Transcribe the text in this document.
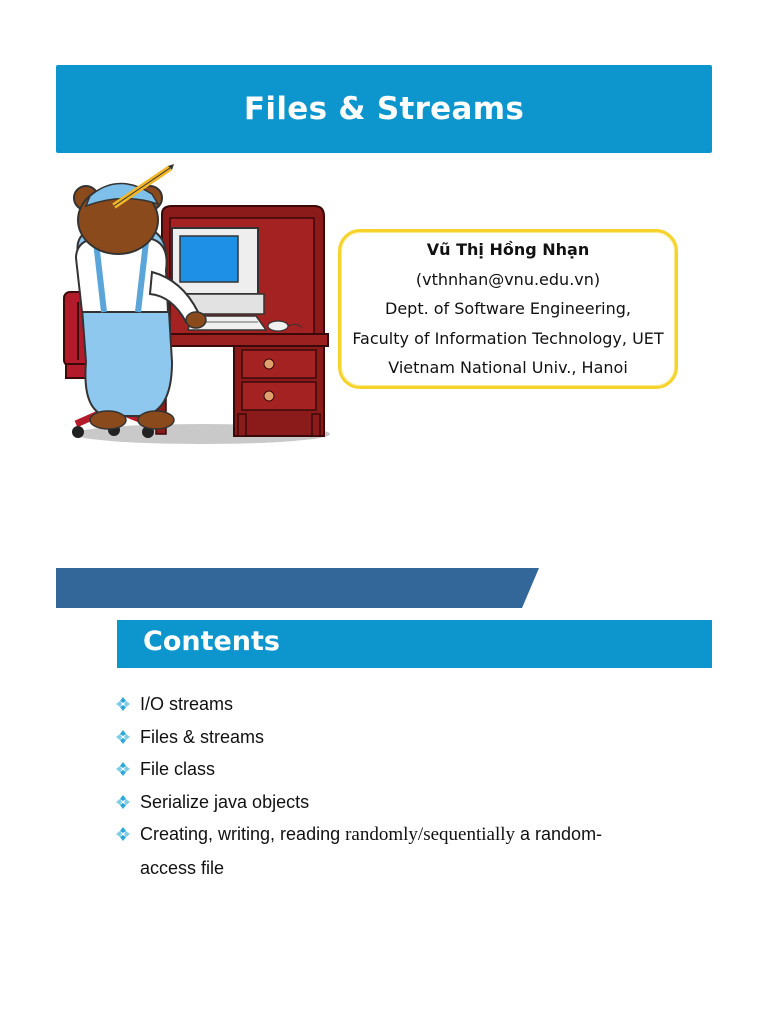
Files & Streams
Vũ Thị Hồng Nhạn
(vthnhan@vnu.edu.vn)
Dept. of Software Engineering,
Faculty of Information Technology, UET
Vietnam National Univ., Hanoi
Contents
I/O streams
Files & streams
File class
Serialize java objects
Creating, writing, reading randomly/sequentially a random-
access file
